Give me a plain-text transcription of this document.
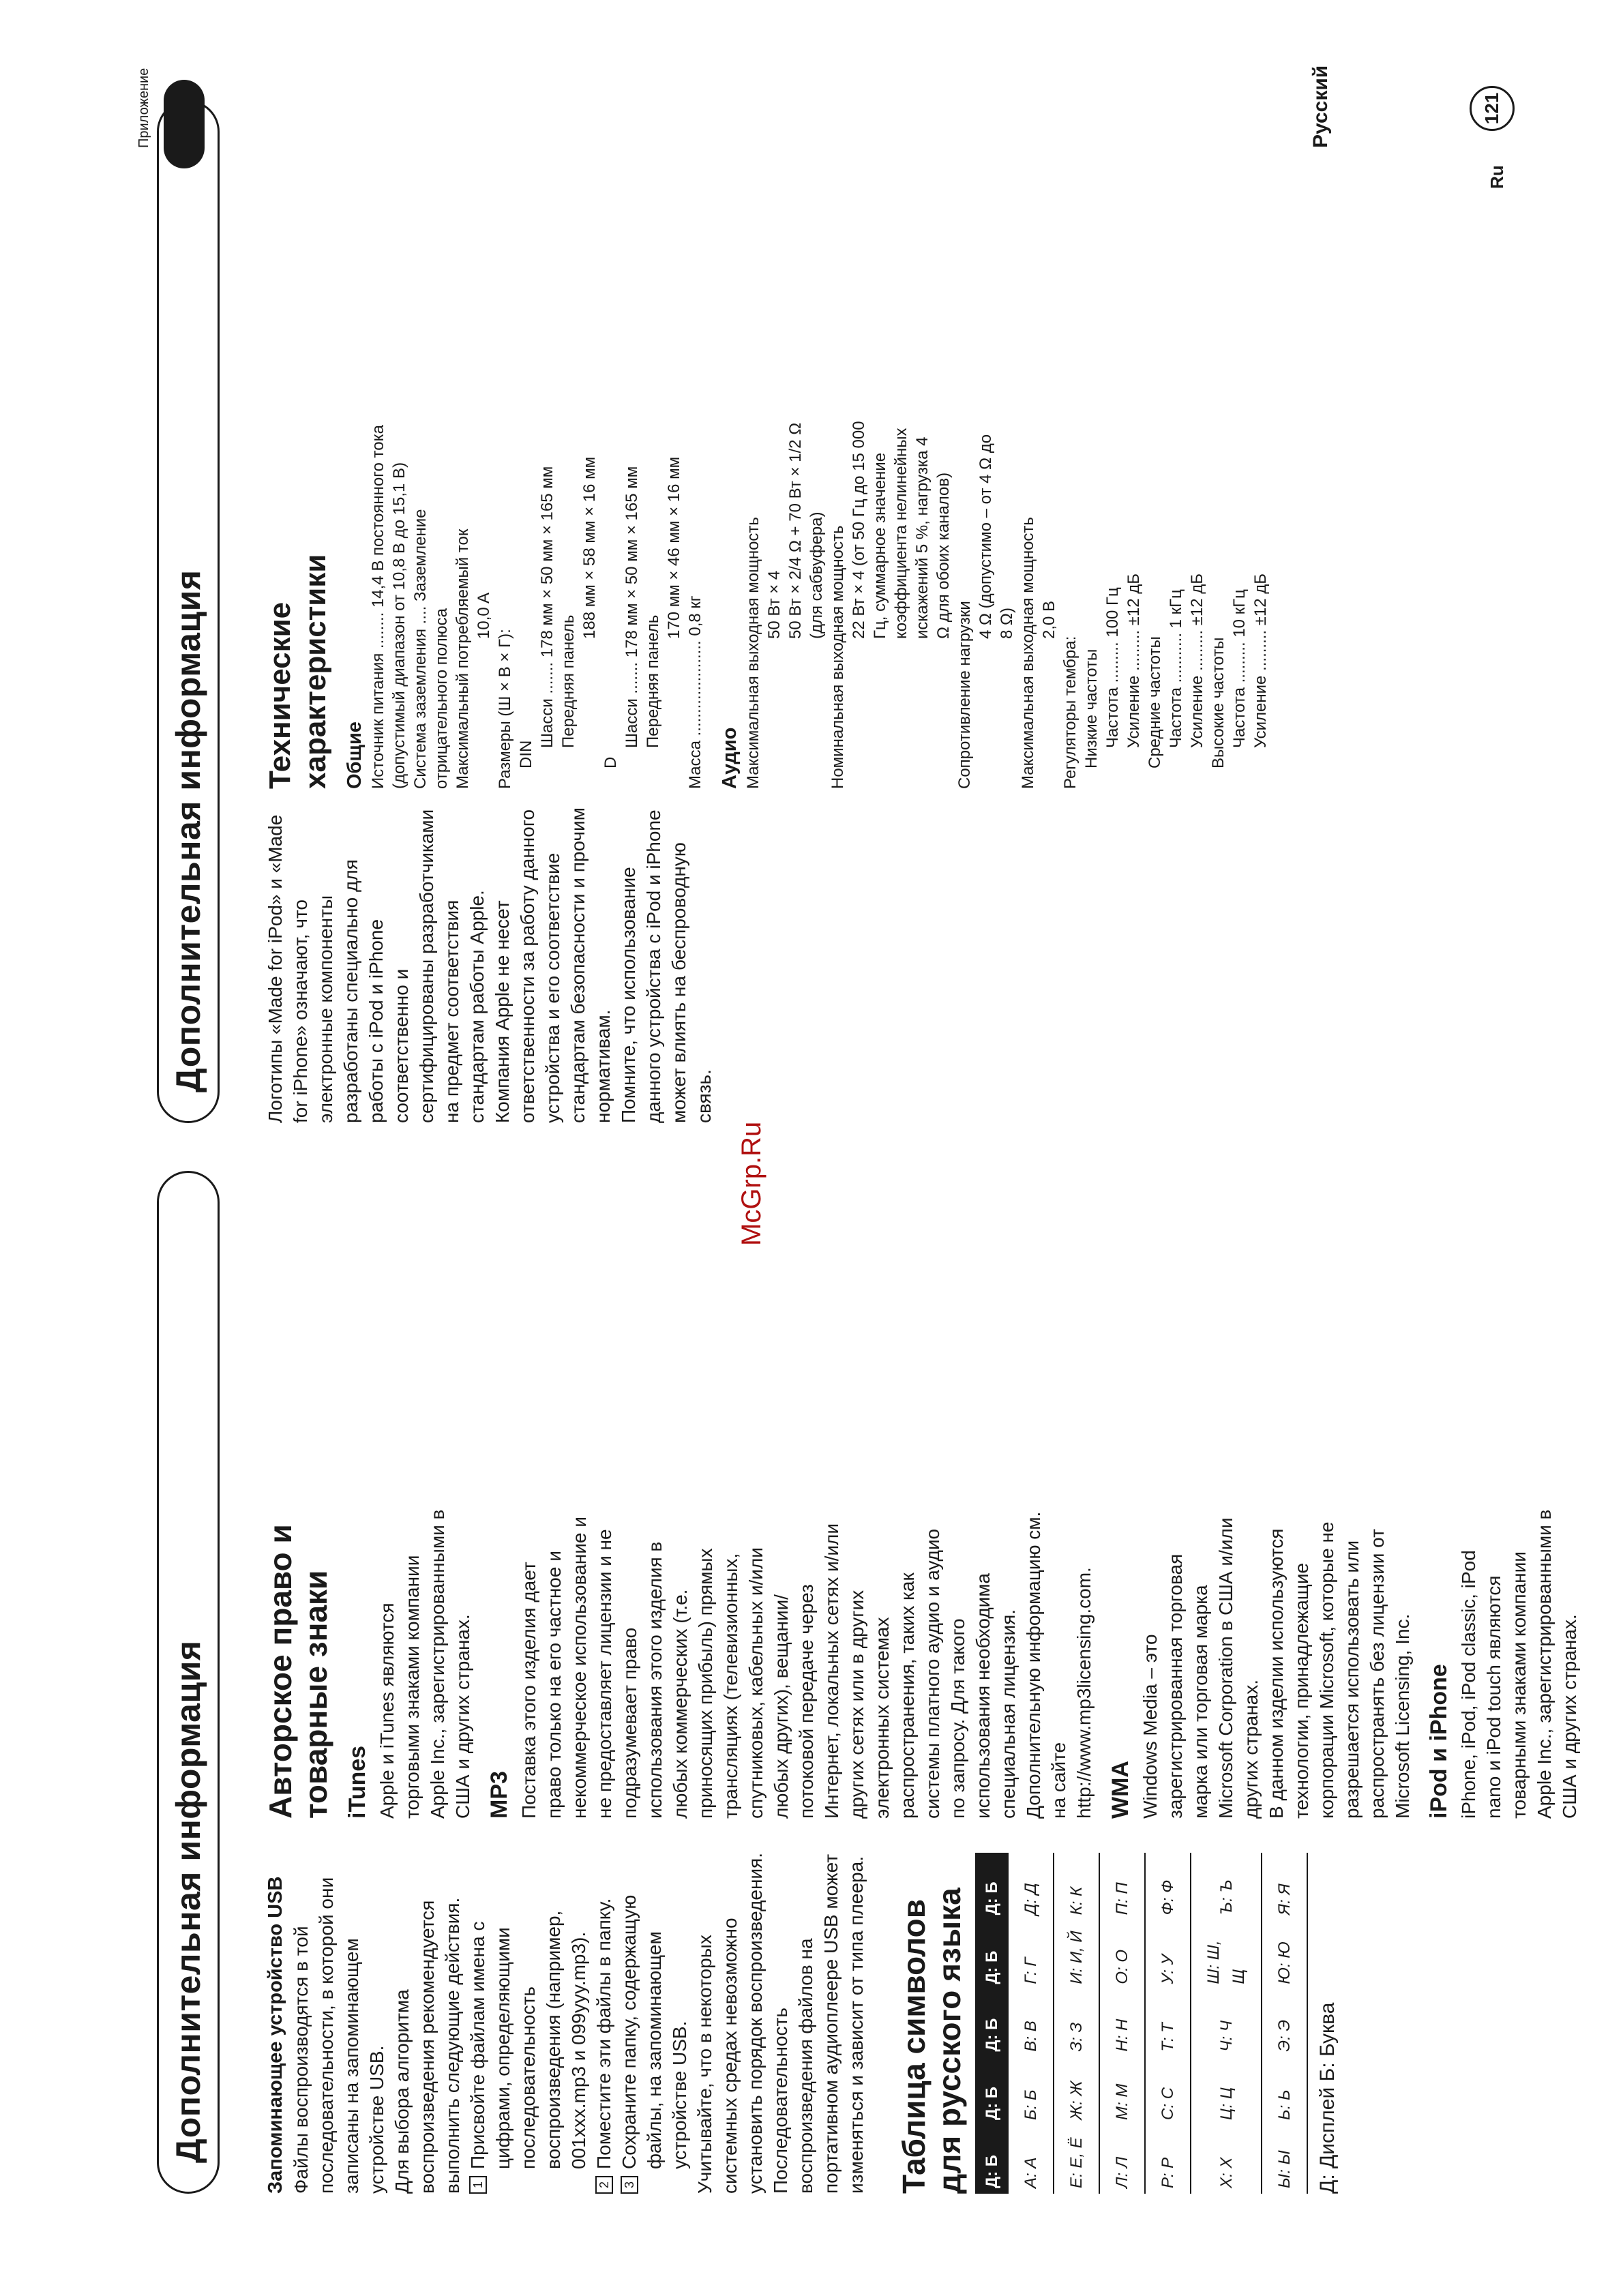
Дополнительная информация
Дополнительная информация
Приложение
Запоминающее устройство USB Файлы воспроизводятся в той последовательности, в которой они записаны на запоминающем устройстве USB. Для выбора алгоритма воспроизведения рекомендуется выполнить следующие действия. 1
Присвойте файлам имена с цифрами, определяющими последовательность воспроизведения (например, 001xxx.mp3 и 099yyy.mp3).
2
Поместите эти файлы в папку.
3
Сохраните папку, содержащую файлы, на запоминающем устройстве USB. Учитывайте, что в некоторых системных средах невозможно установить порядок воспроизведения. Последовательность воспроизведения файлов на портативном аудиоплеере USB может изменяться и зависит от типа плеера. Таблица символов для русского языка Д: Б	Д: Б	Д: Б	Д: Б	Д: Б
А: А	Б: Б	В: В	Г: Г	Д: Д
Е: Е, Ё	Ж: Ж	З: З	И: И, Й	К: К
Л: Л	М: М	Н: Н	О: О	П: П
Р: Р	С: С	Т: Т	У: У	Ф: Ф
Х: Х	Ц: Ц	Ч: Ч	Ш: Ш, Щ	Ъ: Ъ
Ы: Ы	Ь: Ь	Э: Э	Ю: Ю	Я: Я

Д: Дисплей Б: Буква

Авторское право и товарные знаки iTunes Apple и iTunes являются торговыми знаками компании Apple Inc., зарегистрированными в США и других странах. MP3 Поставка этого изделия дает право только на его частное и некоммерческое использование и не предоставляет лицензии и не подразумевает право использования этого изделия в любых коммерческих (т.е. приносящих прибыль) прямых трансляциях (телевизионных, спутниковых, кабельных и/или любых других), вещании/потоковой передаче через Интернет, локальных сетях и/или других сетях или в других электронных системах распространения, таких как системы платного аудио и аудио по запросу. Для такого использования необходима специальная лицензия. Дополнительную информацию см. на сайте http://www.mp3licensing.com. WMA Windows Media – это зарегистрированная торговая марка или торговая марка Microsoft Corporation в США и/или других странах. В данном изделии используются технологии, принадлежащие корпорации Microsoft, которые не разрешается использовать или распространять без лицензии от Microsoft Licensing, Inc. iPod и iPhone iPhone, iPod, iPod classic, iPod nano и iPod touch являются товарными знаками компании Apple Inc., зарегистрированными в США и других странах.

McGrp.Ru

Логотипы «Made for iPod» и «Made for iPhone» означают, что электронные компоненты разработаны специально для работы с iPod и iPhone соответственно и сертифицированы разработчиками на предмет соответствия стандартам работы Apple. Компания Apple не несет ответственности за работу данного устройства и его соответствие стандартам безопасности и прочим нормативам. Помните, что использование данного устройства с iPod и iPhone может влиять на беспроводную связь.

Технические характеристики Общие Источник питания ........ 14,4 В постоянного тока (допустимый диапазон от 10,8 В до 15,1 В) Система заземления .... Заземление отрицательного полюса Максимальный потребляемый ток 10,0 A
Размеры (Ш × В × Г): DIN
Шасси ....... 178 мм × 50 мм × 165 мм
Передняя панель
188 мм × 58 мм × 16 мм
D
Шасси ....... 178 мм × 50 мм × 165 мм
Передняя панель
170 мм × 46 мм × 16 мм
Масса ..................... 0,8 кг
Аудио Максимальная выходная мощность 50 Вт × 4 50 Вт × 2/4 Ω + 70 Вт × 1/2 Ω (для сабвуфера) Номинальная выходная мощность 22 Вт × 4 (от 50 Гц до 15 000 Гц, суммарное значение коэффициента нелинейных искажений 5 %, нагрузка 4 Ω для обоих каналов)
Сопротивление нагрузки
4 Ω (допустимо – от 4 Ω до 8 Ω) Максимальная выходная мощность 2,0 В
Регуляторы тембра: Низкие частоты Частота ......... 100 Гц
Усиление ......... ±12 дБ
Средние частоты Частота ........... 1 кГц
Усиление ......... ±12 дБ
Высокие частоты Частота ......... 10 кГц
Усиление ......... ±12 дБ
Русский
Ru
121
